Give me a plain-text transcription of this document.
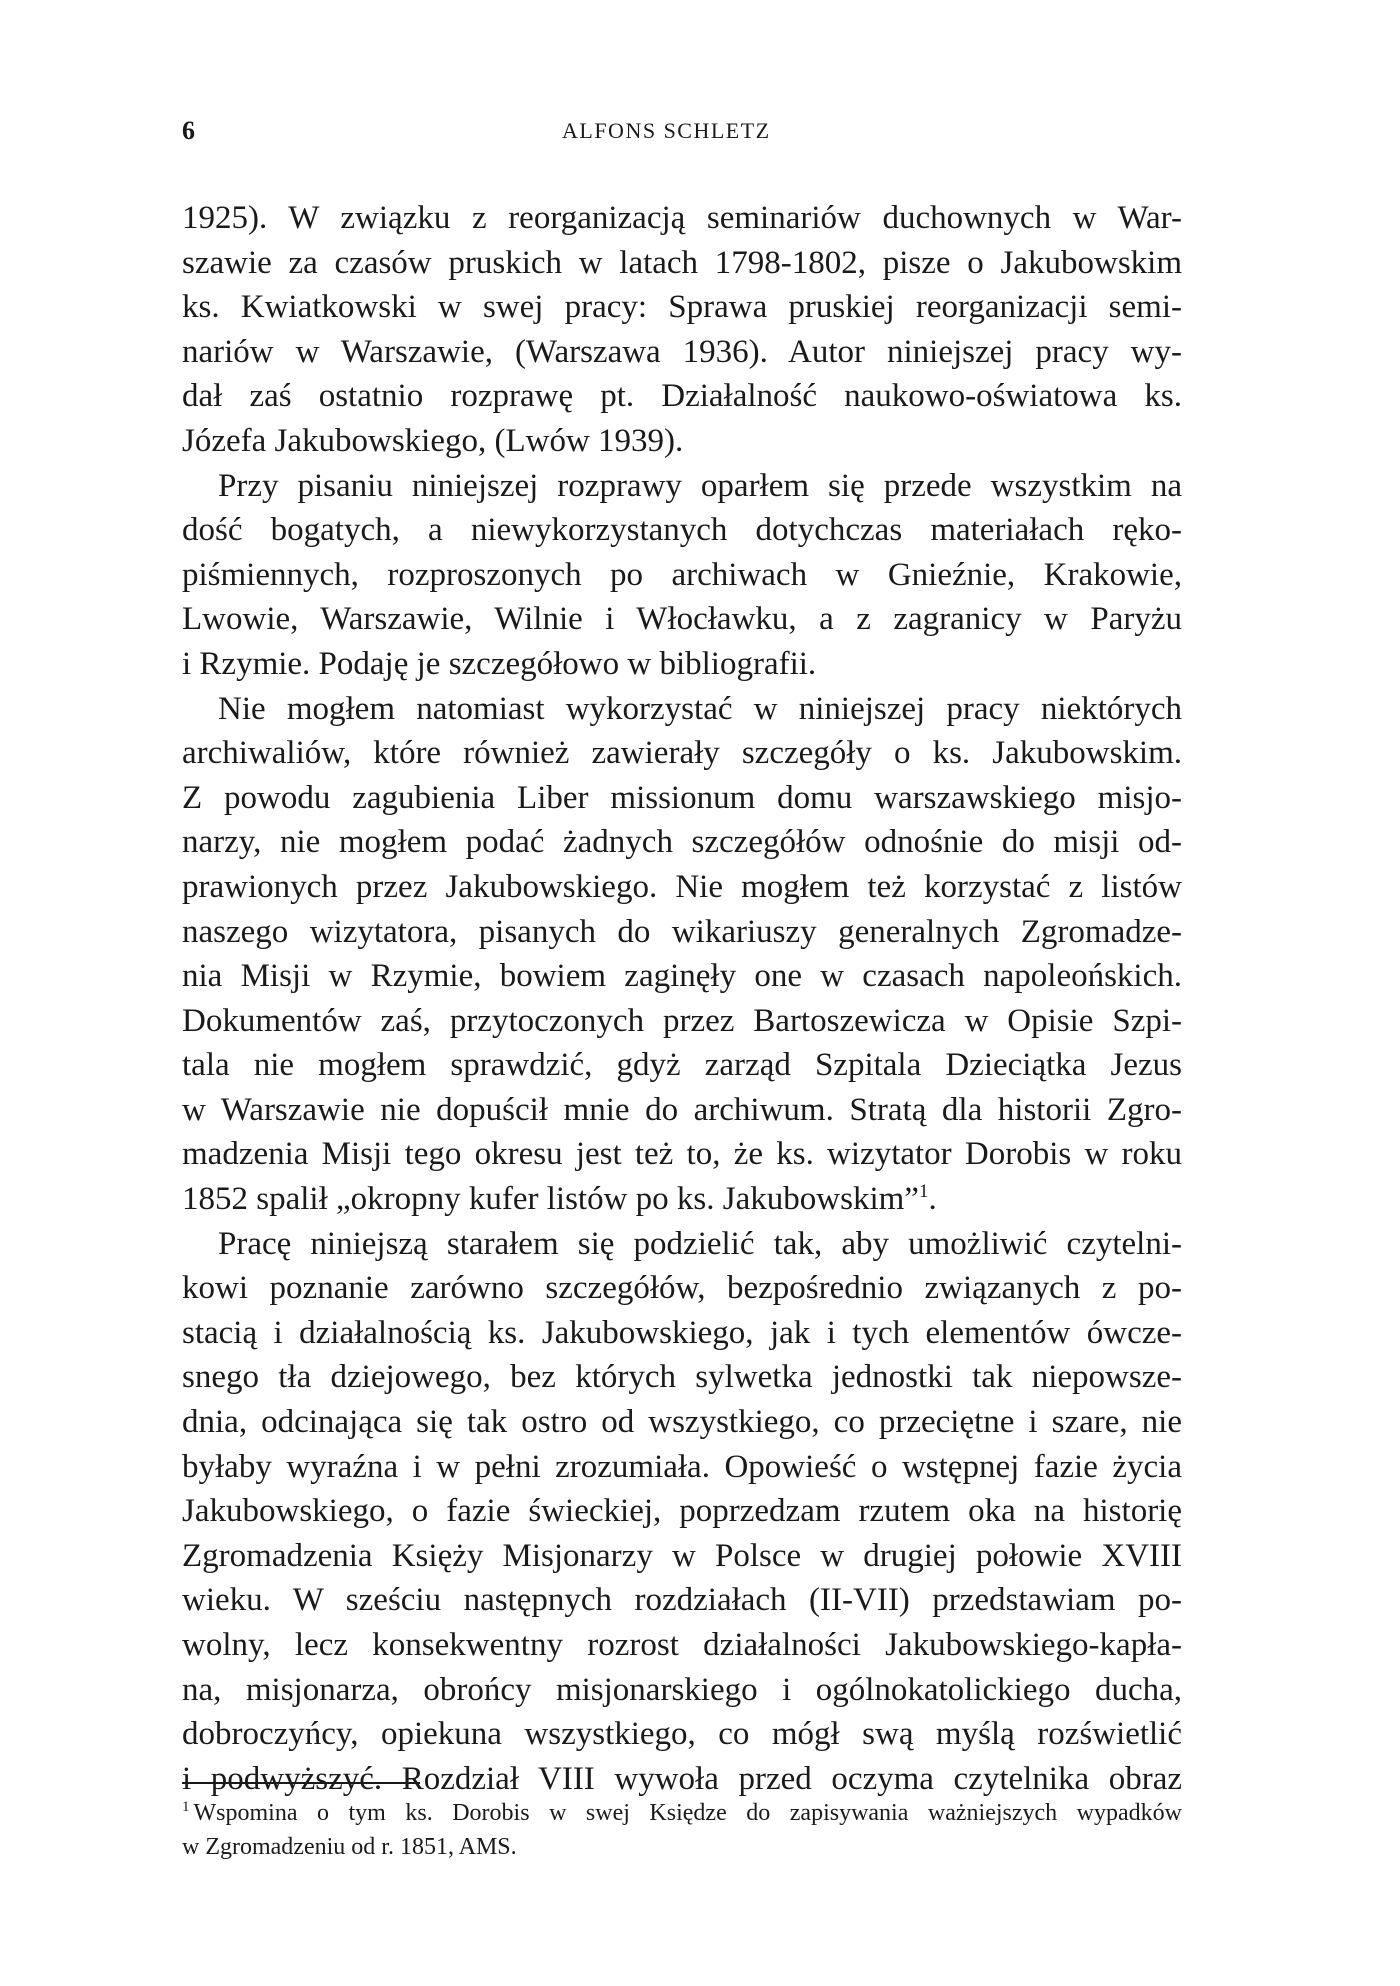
6	ALFONS SCHLETZ
1925). W związku z reorganizacją seminariów duchownych w War-
szawie za czasów pruskich w latach 1798-1802, pisze o Jakubowskim
ks. Kwiatkowski w swej pracy: Sprawa pruskiej reorganizacji semi-
nariów w Warszawie, (Warszawa 1936). Autor niniejszej pracy wy-
dał zaś ostatnio rozprawę pt. Działalność naukowo-oświatowa ks.
Józefa Jakubowskiego, (Lwów 1939).
Przy pisaniu niniejszej rozprawy oparłem się przede wszystkim na
dość bogatych, a niewykorzystanych dotychczas materiałach ręko-
piśmiennych, rozproszonych po archiwach w Gnieźnie, Krakowie,
Lwowie, Warszawie, Wilnie i Włocławku, a z zagranicy w Paryżu
i Rzymie. Podaję je szczegółowo w bibliografii.
Nie mogłem natomiast wykorzystać w niniejszej pracy niektórych
archiwaliów, które również zawierały szczegóły o ks. Jakubowskim.
Z powodu zagubienia Liber missionum domu warszawskiego misjo-
narzy, nie mogłem podać żadnych szczegółów odnośnie do misji od-
prawionych przez Jakubowskiego. Nie mogłem też korzystać z listów
naszego wizytatora, pisanych do wikariuszy generalnych Zgromadze-
nia Misji w Rzymie, bowiem zaginęły one w czasach napoleońskich.
Dokumentów zaś, przytoczonych przez Bartoszewicza w Opisie Szpi-
tala nie mogłem sprawdzić, gdyż zarząd Szpitala Dzieciątka Jezus
w Warszawie nie dopuścił mnie do archiwum. Stratą dla historii Zgro-
madzenia Misji tego okresu jest też to, że ks. wizytator Dorobis w roku
1852 spalił „okropny kufer listów po ks. Jakubowskim”$^1$.
Pracę niniejszą starałem się podzielić tak, aby umożliwić czytelni-
kowi poznanie zarówno szczegółów, bezpośrednio związanych z po-
stacią i działalnością ks. Jakubowskiego, jak i tych elementów ówcze-
snego tła dziejowego, bez których sylwetka jednostki tak niepowsze-
dnia, odcinająca się tak ostro od wszystkiego, co przeciętne i szare, nie
byłaby wyraźna i w pełni zrozumiała. Opowieść o wstępnej fazie życia
Jakubowskiego, o fazie świeckiej, poprzedzam rzutem oka na historię
Zgromadzenia Księży Misjonarzy w Polsce w drugiej połowie XVIII
wieku. W sześciu następnych rozdziałach (II-VII) przedstawiam po-
wolny, lecz konsekwentny rozrost działalności Jakubowskiego-kapła-
na, misjonarza, obrońcy misjonarskiego i ogólnokatolickiego ducha,
dobroczyńcy, opiekuna wszystkiego, co mógł swą myślą rozświetlić
i podwyższyć. Rozdział VIII wywoła przed oczyma czytelnika obraz
$^1$ Wspomina o tym ks. Dorobis w swej Księdze do zapisywania ważniejszych wypadków
w Zgromadzeniu od r. 1851, AMS.
